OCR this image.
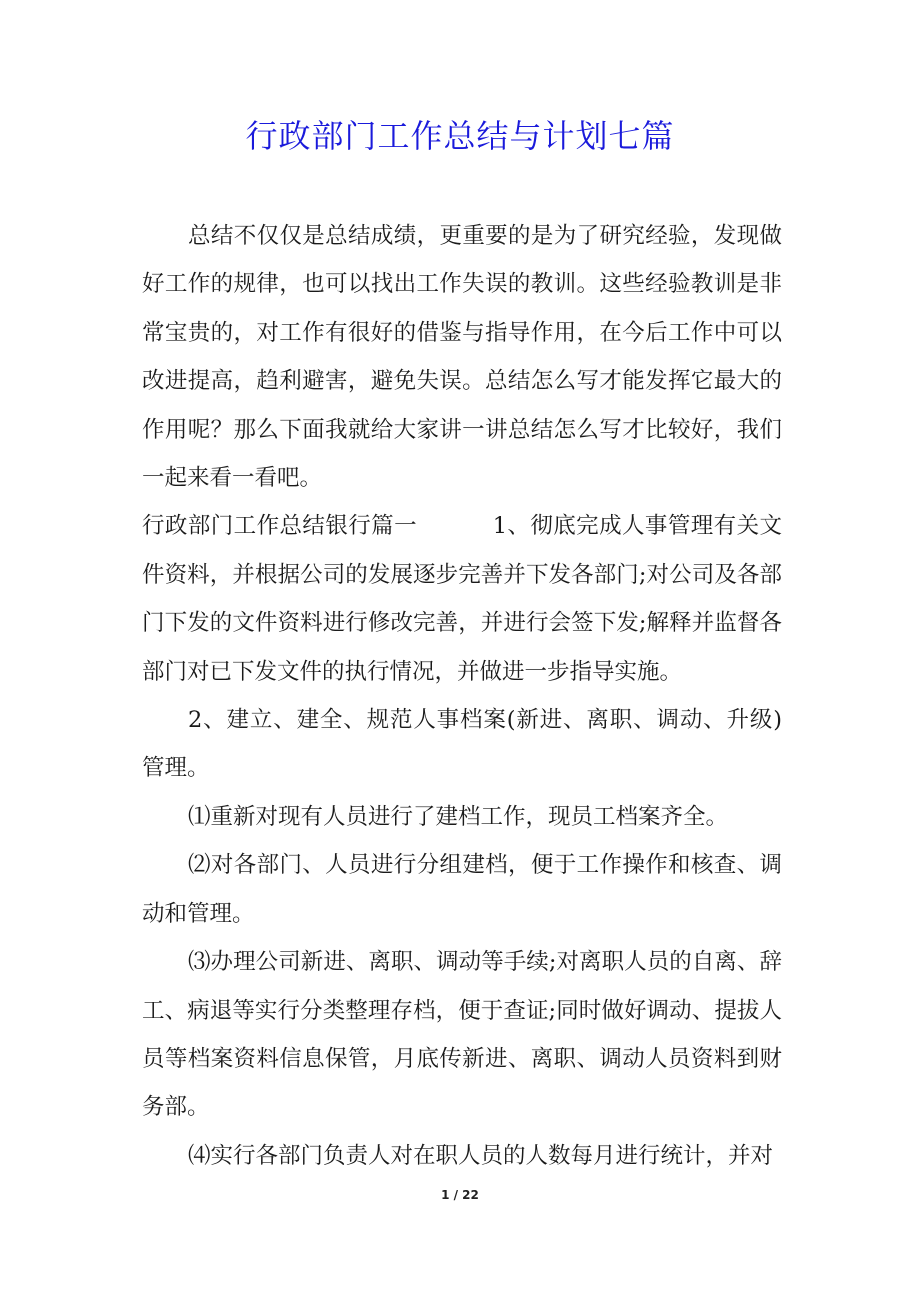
行政部门工作总结与计划七篇

总结不仅仅是总结成绩，更重要的是为了研究经验，发现做好工作的规律，也可以找出工作失误的教训。这些经验教训是非常宝贵的，对工作有很好的借鉴与指导作用，在今后工作中可以改进提高，趋利避害，避免失误。总结怎么写才能发挥它最大的作用呢？那么下面我就给大家讲一讲总结怎么写才比较好，我们一起来看一看吧。

行政部门工作总结银行篇一	1、彻底完成人事管理有关文件资料，并根据公司的发展逐步完善并下发各部门;对公司及各部门下发的文件资料进行修改完善，并进行会签下发;解释并监督各部门对已下发文件的执行情况，并做进一步指导实施。

2、建立、建全、规范人事档案(新进、离职、调动、升级)管理。

⑴重新对现有人员进行了建档工作，现员工档案齐全。

⑵对各部门、人员进行分组建档，便于工作操作和核查、调动和管理。

⑶办理公司新进、离职、调动等手续;对离职人员的自离、辞工、病退等实行分类整理存档，便于查证;同时做好调动、提拔人员等档案资料信息保管，月底传新进、离职、调动人员资料到财务部。

⑷实行各部门负责人对在职人员的人数每月进行统计，并对

1 / 22
